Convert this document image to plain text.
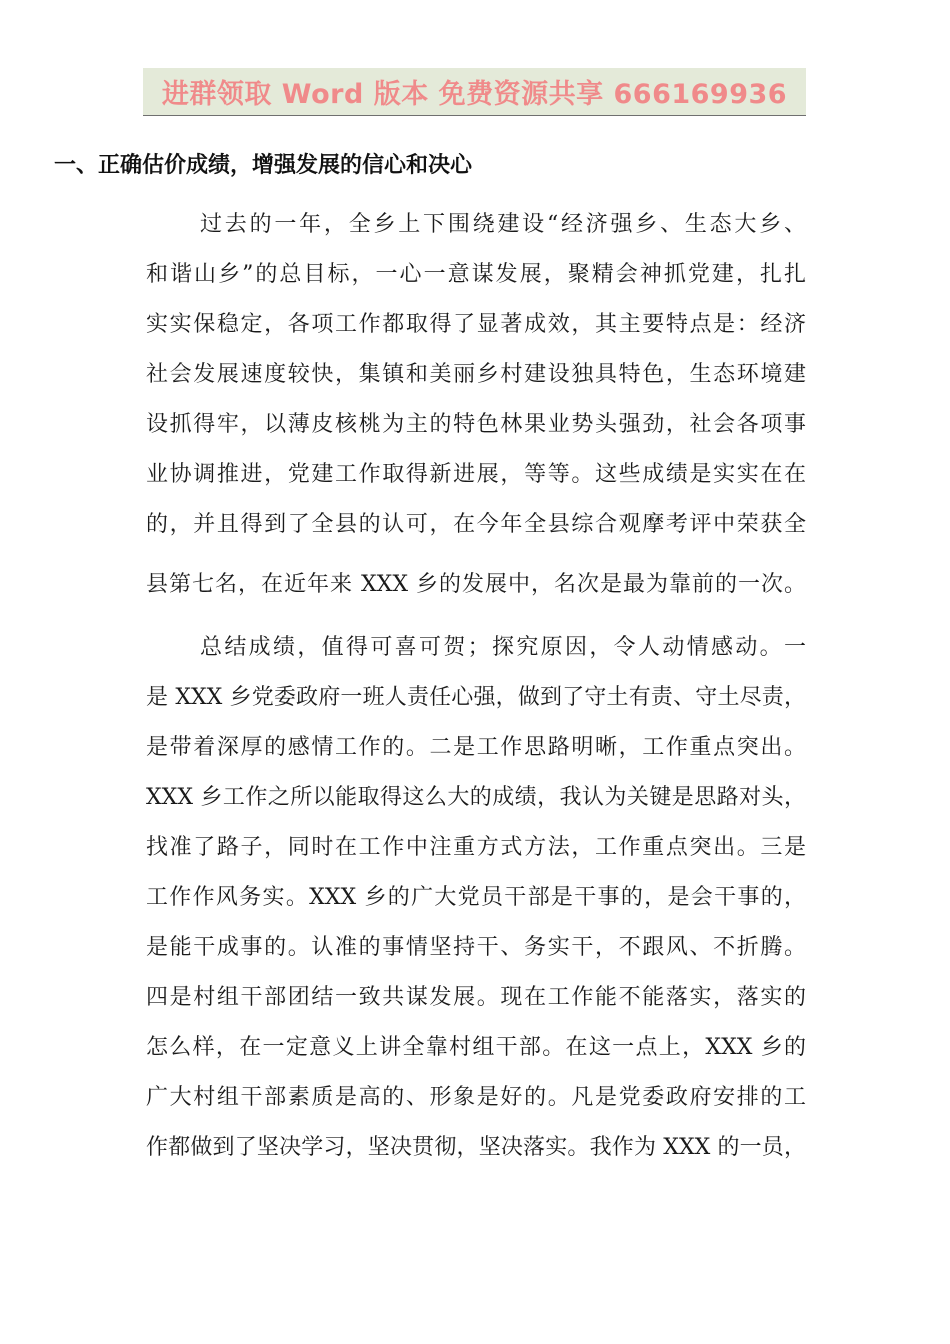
进群领取 Word 版本 免费资源共享 666169936
一、正确估价成绩，增强发展的信心和决心
过去的一年，全乡上下围绕建设“经济强乡、生态大乡、
和谐山乡”的总目标，一心一意谋发展，聚精会神抓党建，扎扎
实实保稳定，各项工作都取得了显著成效，其主要特点是：经济
社会发展速度较快，集镇和美丽乡村建设独具特色，生态环境建
设抓得牢，以薄皮核桃为主的特色林果业势头强劲，社会各项事
业协调推进，党建工作取得新进展，等等。这些成绩是实实在在
的，并且得到了全县的认可，在今年全县综合观摩考评中荣获全
县第七名，在近年来 XXX 乡的发展中，名次是最为靠前的一次。
总结成绩，值得可喜可贺；探究原因，令人动情感动。一
是 XXX 乡党委政府一班人责任心强，做到了守土有责、守土尽责，
是带着深厚的感情工作的。二是工作思路明晰，工作重点突出。
XXX 乡工作之所以能取得这么大的成绩，我认为关键是思路对头，
找准了路子，同时在工作中注重方式方法，工作重点突出。三是
工作作风务实。XXX 乡的广大党员干部是干事的，是会干事的，
是能干成事的。认准的事情坚持干、务实干，不跟风、不折腾。
四是村组干部团结一致共谋发展。现在工作能不能落实，落实的
怎么样，在一定意义上讲全靠村组干部。在这一点上，XXX 乡的
广大村组干部素质是高的、形象是好的。凡是党委政府安排的工
作都做到了坚决学习，坚决贯彻，坚决落实。我作为 XXX 的一员，
